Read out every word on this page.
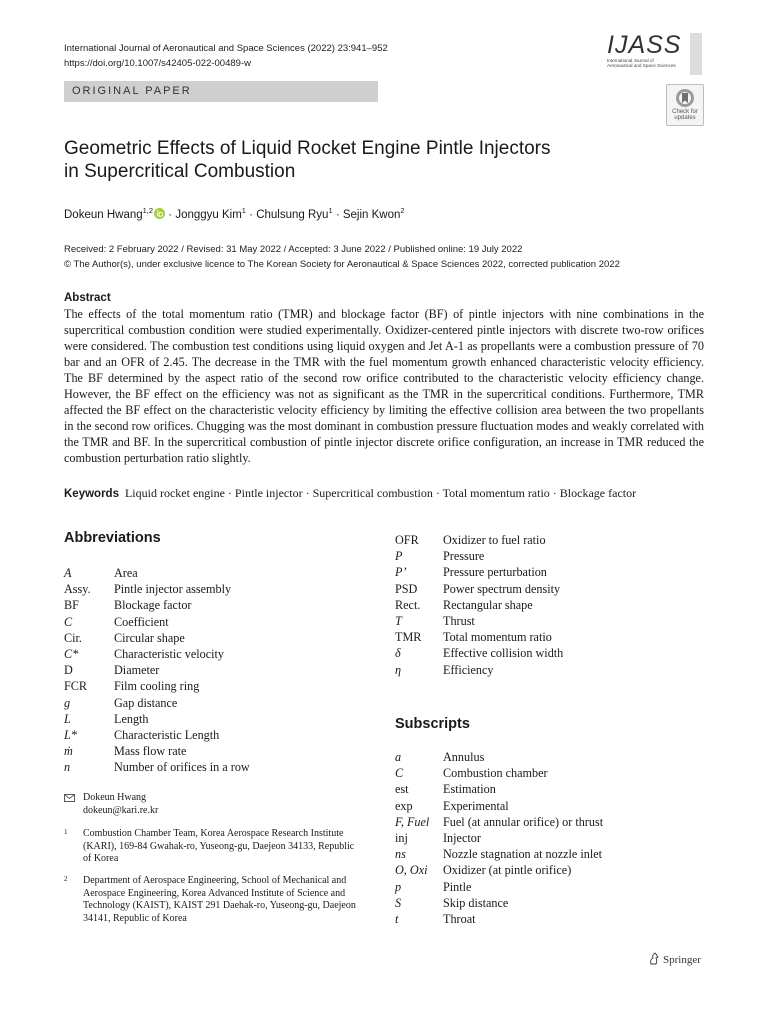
International Journal of Aeronautical and Space Sciences (2022) 23:941–952
https://doi.org/10.1007/s42405-022-00489-w
IJASS
International Journal of
Aeronautical and Space Sciences
ORIGINAL PAPER
Check for updates
Geometric Effects of Liquid Rocket Engine Pintle Injectors
in Supercritical Combustion
Dokeun Hwang$^{1,2}$ · Jonggyu Kim$^1$ · Chulsung Ryu$^1$ · Sejin Kwon$^2$
Received: 2 February 2022 / Revised: 31 May 2022 / Accepted: 3 June 2022 / Published online: 19 July 2022
© The Author(s), under exclusive licence to The Korean Society for Aeronautical & Space Sciences 2022, corrected publication 2022
Abstract
The effects of the total momentum ratio (TMR) and blockage factor (BF) of pintle injectors with nine combinations in the supercritical combustion condition were studied experimentally. Oxidizer-centered pintle injectors with discrete two-row orifices were considered. The combustion test conditions using liquid oxygen and Jet A-1 as propellants were a combustion pressure of 70 bar and an OFR of 2.45. The decrease in the TMR with the fuel momentum growth enhanced characteristic velocity efficiency. The BF determined by the aspect ratio of the second row orifice contributed to the characteristic velocity efficiency change. However, the BF effect on the efficiency was not as significant as the TMR in the supercritical conditions. Furthermore, TMR affected the BF effect on the characteristic velocity efficiency by limiting the effective collision area between the two propellants in the second row orifices. Chugging was the most dominant in combustion pressure fluctuation modes and weakly correlated with the TMR and BF. In the supercritical combustion of pintle injector discrete orifice configuration, an increase in TMR reduced the combustion perturbation ratio slightly.
Keywords Liquid rocket engine · Pintle injector · Supercritical combustion · Total momentum ratio · Blockage factor
Abbreviations
A	Area
Assy. Pintle injector assembly
BF	Blockage factor
C	Coefficient
Cir.	Circular shape
C*	Characteristic velocity
D	Diameter
FCR Film cooling ring
g	Gap distance
L	Length
L*	Characteristic Length
ṁ	Mass flow rate
n	Number of orifices in a row
OFR Oxidizer to fuel ratio
P	Pressure
P’	Pressure perturbation
PSD Power spectrum density
Rect. Rectangular shape
T	Thrust
TMR Total momentum ratio
δ	Effective collision width
η	Efficiency
Subscripts
a	Annulus
C	Combustion chamber
est	Estimation
exp Experimental
F, Fuel Fuel (at annular orifice) or thrust
inj	Injector
ns	Nozzle stagnation at nozzle inlet
O, Oxi Oxidizer (at pintle orifice)
p	Pintle
S	Skip distance
t	Throat
Dokeun Hwang
dokeun@kari.re.kr
1	Combustion Chamber Team, Korea Aerospace Research Institute (KARI), 169-84 Gwahak-ro, Yuseong-gu, Daejeon 34133, Republic of Korea
2	Department of Aerospace Engineering, School of Mechanical and Aerospace Engineering, Korea Advanced Institute of Science and Technology (KAIST), KAIST 291 Daehak-ro, Yuseong-gu, Daejeon 34141, Republic of Korea
Springer
